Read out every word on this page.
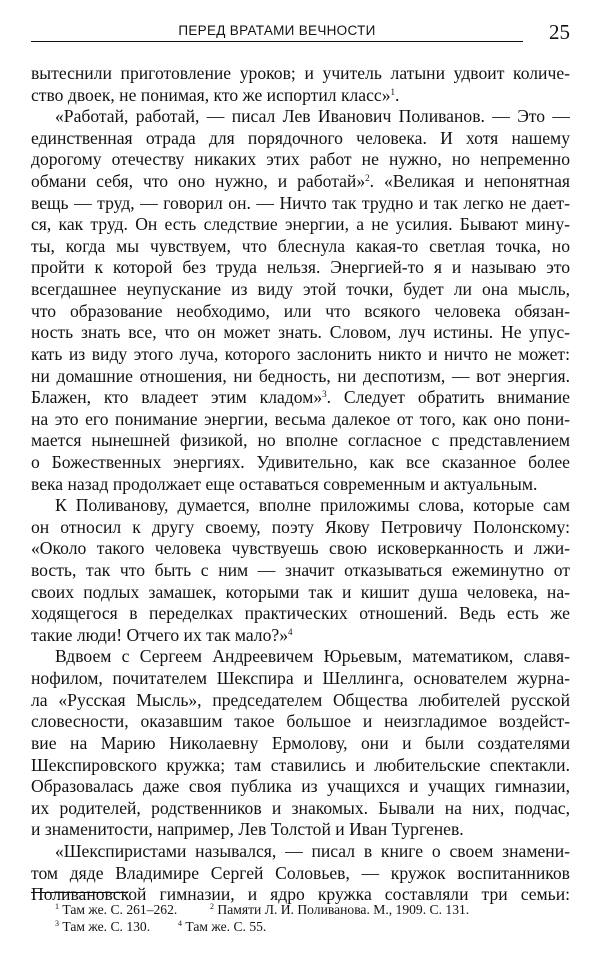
ПЕРЕД ВРАТАМИ ВЕЧНОСТИ	25
вытеснили приготовление уроков; и учитель латыни удвоит количе-
ство двоек, не понимая, кто же испортил класс»$^1$.
«Работай, работай, — писал Лев Иванович Поливанов. — Это —
единственная отрада для порядочного человека. И хотя нашему
дорогому отечеству никаких этих работ не нужно, но непременно
обмани себя, что оно нужно, и работай»$^2$. «Великая и непонятная
вещь — труд, — говорил он. — Ничто так трудно и так легко не дает-
ся, как труд. Он есть следствие энергии, а не усилия. Бывают мину-
ты, когда мы чувствуем, что блеснула какая-то светлая точка, но
пройти к которой без труда нельзя. Энергией-то я и называю это
всегдашнее неупускание из виду этой точки, будет ли она мысль,
что образование необходимо, или что всякого человека обязан-
ность знать все, что он может знать. Словом, луч истины. Не упус-
кать из виду этого луча, которого заслонить никто и ничто не может:
ни домашние отношения, ни бедность, ни деспотизм, — вот энергия.
Блажен, кто владеет этим кладом»$^3$. Следует обратить внимание
на это его понимание энергии, весьма далекое от того, как оно пони-
мается нынешней физикой, но вполне согласное с представлением
о Божественных энергиях. Удивительно, как все сказанное более
века назад продолжает еще оставаться современным и актуальным.
К Поливанову, думается, вполне приложимы слова, которые сам
он относил к другу своему, поэту Якову Петровичу Полонскому:
«Около такого человека чувствуешь свою исковерканность и лжи-
вость, так что быть с ним — значит отказываться ежеминутно от
своих подлых замашек, которыми так и кишит душа человека, на-
ходящегося в переделках практических отношений. Ведь есть же
такие люди! Отчего их так мало?»$^4$
Вдвоем с Сергеем Андреевичем Юрьевым, математиком, славя-
нофилом, почитателем Шекспира и Шеллинга, основателем журна-
ла «Русская Мысль», председателем Общества любителей русской
словесности, оказавшим такое большое и неизгладимое воздейст-
вие на Марию Николаевну Ермолову, они и были создателями
Шекспировского кружка; там ставились и любительские спектакли.
Образовалась даже своя публика из учащихся и учащих гимназии,
их родителей, родственников и знакомых. Бывали на них, подчас,
и знаменитости, например, Лев Толстой и Иван Тургенев.
«Шекспиристами назывался, — писал в книге о своем знамени-
том дяде Владимире Сергей Соловьев, — кружок воспитанников
Поливановской гимназии, и ядро кружка составляли три семьи:
$^1$ Там же. С. 261–262.	$^2$ Памяти Л. И. Поливанова. М., 1909. С. 131.
$^3$ Там же. С. 130.	$^4$ Там же. С. 55.
